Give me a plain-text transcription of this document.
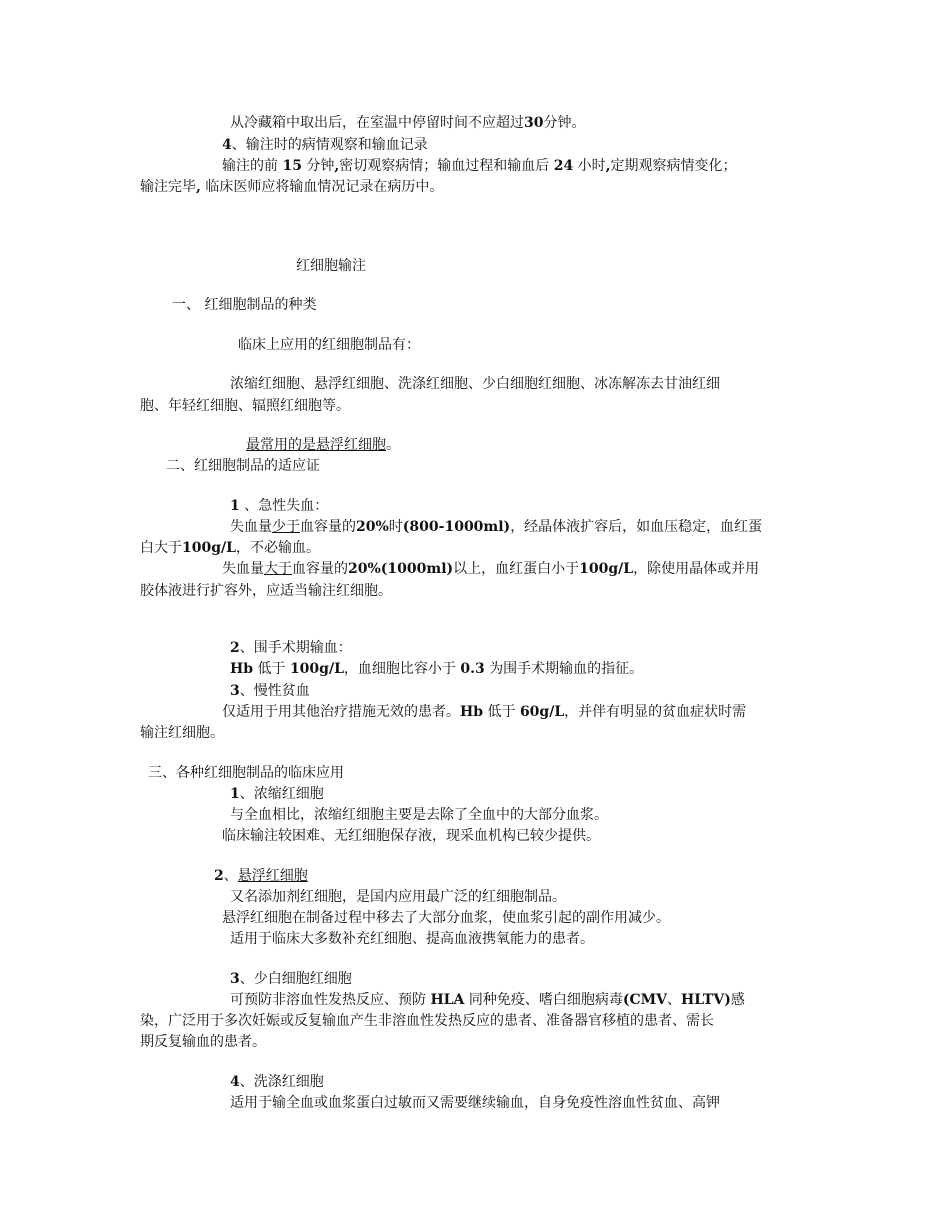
从冷藏箱中取出后，在室温中停留时间不应超过30分钟。
4、输注时的病情观察和输血记录
输注的前 15 分钟,密切观察病情；输血过程和输血后 24 小时,定期观察病情变化；
输注完毕, 临床医师应将输血情况记录在病历中。
红细胞输注
一、 红细胞制品的种类
临床上应用的红细胞制品有：
浓缩红细胞、悬浮红细胞、洗涤红细胞、少白细胞红细胞、冰冻解冻去甘油红细
胞、年轻红细胞、辐照红细胞等。
最常用的是悬浮红细胞。
二、红细胞制品的适应证
1 、急性失血：
失血量少于血容量的20%时(800-1000ml)，经晶体液扩容后，如血压稳定，血红蛋
白大于100g/L，不必输血。
失血量大于血容量的20%(1000ml)以上，血红蛋白小于100g/L，除使用晶体或并用
胶体液进行扩容外，应适当输注红细胞。
2、围手术期输血：
Hb 低于 100g/L，血细胞比容小于 0.3 为围手术期输血的指征。
3、慢性贫血
仅适用于用其他治疗措施无效的患者。Hb 低于 60g/L，并伴有明显的贫血症状时需
输注红细胞。
三、各种红细胞制品的临床应用
1、浓缩红细胞
与全血相比，浓缩红细胞主要是去除了全血中的大部分血浆。
临床输注较困难、无红细胞保存液，现采血机构已较少提供。
2、悬浮红细胞
又名添加剂红细胞，是国内应用最广泛的红细胞制品。
悬浮红细胞在制备过程中移去了大部分血浆，使血浆引起的副作用减少。
适用于临床大多数补充红细胞、提高血液携氧能力的患者。
3、少白细胞红细胞
可预防非溶血性发热反应、预防 HLA 同种免疫、嗜白细胞病毒(CMV、HLTV)感
染，广泛用于多次妊娠或反复输血产生非溶血性发热反应的患者、准备器官移植的患者、需长
期反复输血的患者。
4、洗涤红细胞
适用于输全血或血浆蛋白过敏而又需要继续输血，自身免疫性溶血性贫血、高钾
